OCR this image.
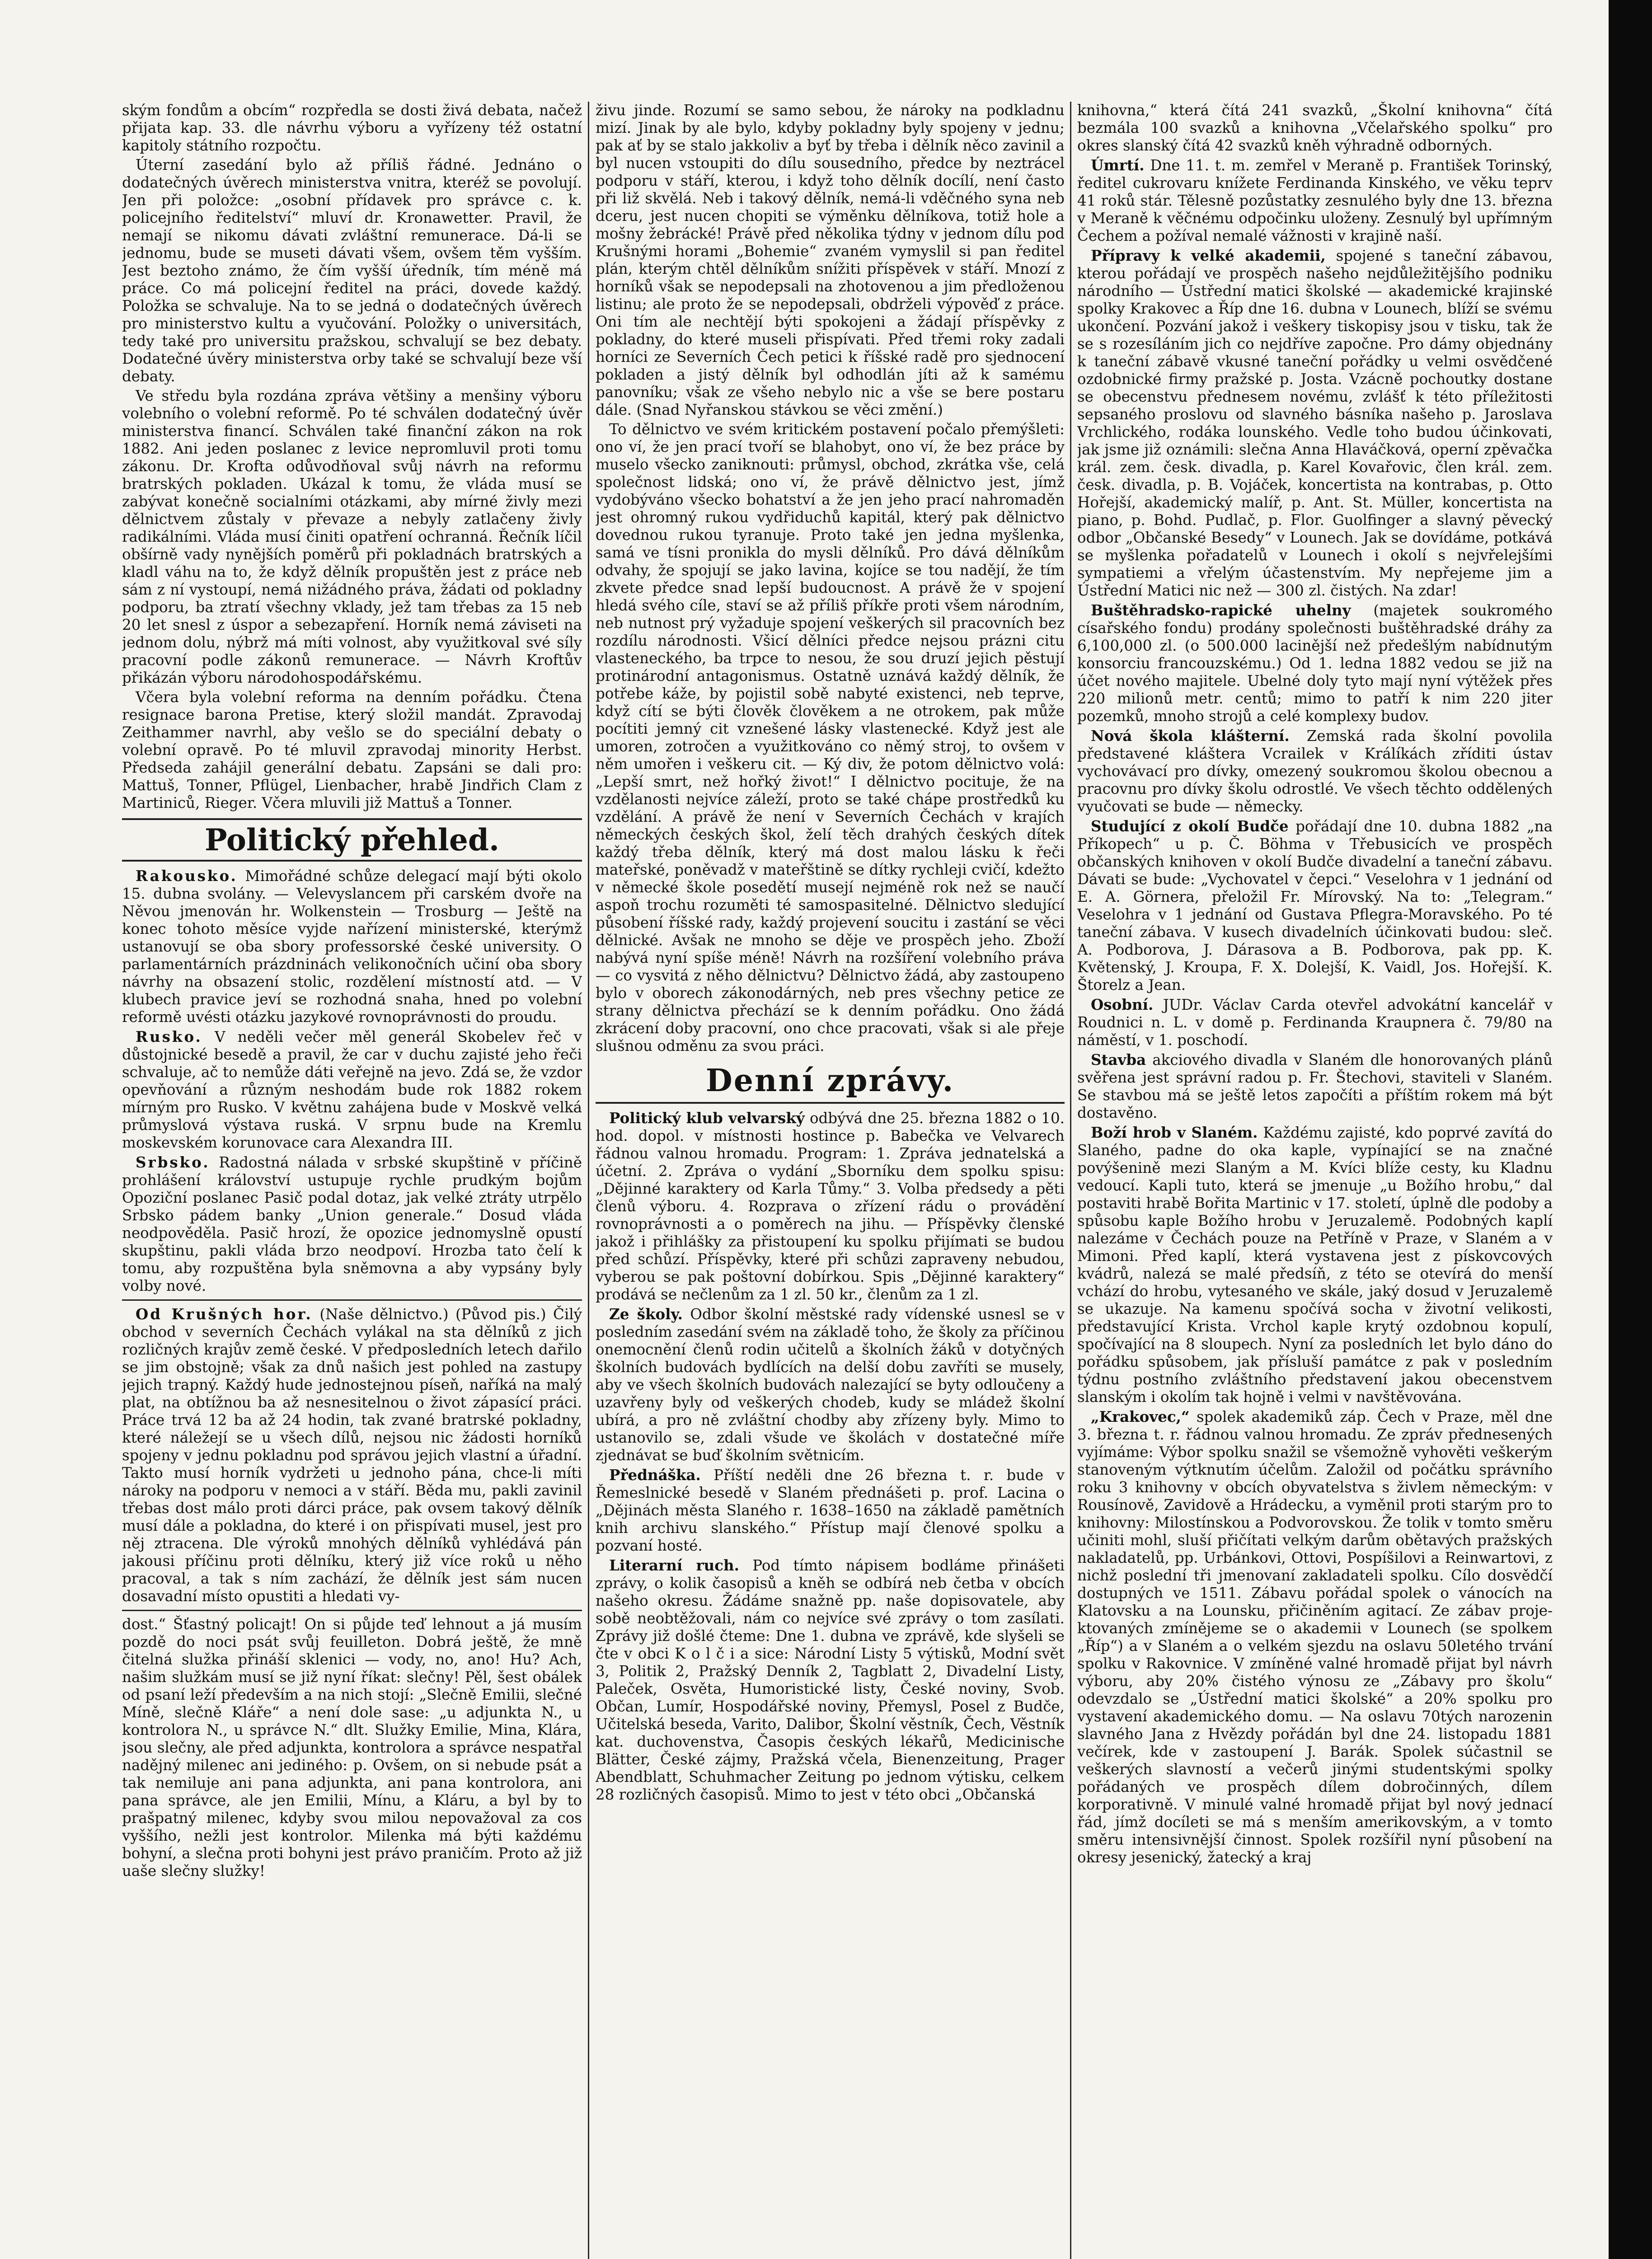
ským fondům a obcím“ rozpředla se dosti živá debata, načež přijata kap. 33. dle návrhu výboru a vyřízeny též ostatní kapitoly státního rozpočtu.

Úterní zasedání bylo až příliš řádné. Jednáno o dodatečných úvěrech ministerstva vnitra, kteréž se povolují. Jen při položce: „osobní přídavek pro správce c. k. policejního ředitelství“ mluví dr. Kronawetter. Pravil, že nemají se nikomu dávati zvláštní remunerace. Dá-li se jednomu, bude se museti dávati všem, ovšem těm vyšším. Jest beztoho známo, že čím vyšší úředník, tím méně má práce. Co má policejní ředitel na práci, dovede každý. Položka se schvaluje. Na to se jedná o dodatečných úvěrech pro ministerstvo kultu a vyučování. Položky o universitách, tedy také pro universitu pražskou, schvalují se bez debaty. Dodatečné úvěry ministerstva orby také se schvalují beze vší debaty.

Ve středu byla rozdána zpráva většiny a menšiny výboru volebního o volební reformě. Po té schválen dodatečný úvěr ministerstva financí. Schválen také finanční zákon na rok 1882. Ani jeden poslanec z levice nepromluvil proti tomu zákonu. Dr. Krofta odůvodňoval svůj návrh na reformu bratrských pokladen. Ukázal k tomu, že vláda musí se zabývat konečně socialními otázkami, aby mírné živly mezi dělnictvem zůstaly v převaze a nebyly zatlačeny živly radikálními. Vláda musí činiti opatření ochranná. Řečník líčil obšírně vady nynějších poměrů při pokladnách bratrských a kladl váhu na to, že když dělník propuštěn jest z práce neb sám z ní vystoupí, nemá nižádného práva, žádati od pokladny podporu, ba ztratí všechny vklady, jež tam třebas za 15 neb 20 let snesl z úspor a sebezapření. Horník nemá záviseti na jednom dolu, nýbrž má míti volnost, aby využitkoval své síly pracovní podle zákonů remunerace. — Návrh Kroftův přikázán výboru národohospodářskému.

Včera byla volební reforma na denním pořádku. Čtena resignace barona Pretise, který složil mandát. Zpravodaj Zeithammer navrhl, aby vešlo se do speciální debaty o volební opravě. Po té mluvil zpravodaj minority Herbst. Předseda zahájil generální debatu. Zapsáni se dali pro: Mattuš, Tonner, Pflügel, Lienbacher, hrabě Jindřich Clam z Martiniců, Rieger. Včera mluvili již Mattuš a Tonner.

Politický přehled.

Rakousko. Mimořádné schůze delegací mají býti okolo 15. dubna svolány. — Velevyslancem při carském dvoře na Něvou jmenován hr. Wolkenstein — Trosburg — Ještě na konec tohoto měsíce vyjde nařízení ministerské, kterýmž ustanovují se oba sbory professorské české university. O parlamentárních prázdninách velikonočních učiní oba sbory návrhy na obsazení stolic, rozdělení místností atd. — V klubech pravice jeví se rozhodná snaha, hned po volební reformě uvésti otázku jazykové rovnoprávnosti do proudu.

Rusko. V neděli večer měl generál Skobelev řeč v důstojnické besedě a pravil, že car v duchu zajisté jeho řeči schvaluje, ač to nemůže dáti veřejně na jevo. Zdá se, že vzdor opevňování a různým neshodám bude rok 1882 rokem mírným pro Rusko. V květnu zahájena bude v Moskvě velká průmyslová výstava ruská. V srpnu bude na Kremlu moskevském korunovace cara Alexandra III.

Srbsko. Radostná nálada v srbské skupštině v příčině prohlášení království ustupuje rychle prudkým bojům Opoziční poslanec Pasič podal dotaz, jak velké ztráty utrpělo Srbsko pádem banky „Union generale.“ Dosud vláda neodpověděla. Pasič hrozí, že opozice jednomyslně opustí skupštinu, pakli vláda brzo neodpoví. Hrozba tato čelí k tomu, aby rozpuštěna byla sněmovna a aby vypsány byly volby nové.

Od Krušných hor. (Naše dělnictvo.) (Původ pis.) Čilý obchod v severních Čechách vylákal na sta dělníků z jich rozličných krajův země české. V předposledních letech dařilo se jim obstojně; však za dnů našich jest pohled na zastupy jejich trapný. Každý hude jednostejnou píseň, naříká na malý plat, na obtížnou ba až nesnesitelnou o život zápasící práci. Práce trvá 12 ba až 24 hodin, tak zvané bratrské pokladny, které náležejí se u všech dílů, nejsou nic žádosti horníků spojeny v jednu pokladnu pod správou jejich vlastní a úřadní. Takto musí horník vydržeti u jednoho pána, chce-li míti nároky na podporu v nemoci a v stáří. Běda mu, pakli zavinil třebas dost málo proti dárci práce, pak ovsem takový dělník musí dále a pokladna, do které i on přispívati musel, jest pro něj ztracena. Dle výroků mnohých dělníků vyhlédává pán jakousi příčinu proti dělníku, který již více roků u něho pracoval, a tak s ním zachází, že dělník jest sám nucen dosavadní místo opustiti a hledati vy-

dost.“ Šťastný policajt! On si půjde teď lehnout a já musím pozdě do noci psát svůj feuilleton. Dobrá ještě, že mně čitelná služka přináší sklenici — vody, no, ano! Hu? Ach, našim služkám musí se již nyní říkat: slečny! Pěl, šest obálek od psaní leží především a na nich stojí: „Slečně Emilii, slečné Míně, slečně Kláře“ a není dole sase: „u adjunkta N., u kontrolora N., u správce N.“ dlt. Služky Emilie, Mina, Klára, jsou slečny, ale před adjunkta, kontrolora a správce nespatřal nadějný milenec ani jediného: p. Ovšem, on si nebude psát a tak nemiluje ani pana adjunkta, ani pana kontrolora, ani pana správce, ale jen Emilii, Mínu, a Kláru, a byl by to prašpatný milenec, kdyby svou milou nepovažoval za cos vyššího, nežli jest kontrolor. Milenka má býti každému bohyní, a slečna proti bohyni jest právo praničím. Proto až již uaše slečny služky!

živu jinde. Rozumí se samo sebou, že nároky na podkladnu mizí. Jinak by ale bylo, kdyby pokladny byly spojeny v jednu; pak ať by se stalo jakkoliv a byť by třeba i dělník něco zavinil a byl nucen vstoupiti do dílu sousedního, předce by neztrácel podporu v stáří, kterou, i když toho dělník docílí, není často při liž skvělá. Neb i takový dělník, nemá-li vděčného syna neb dceru, jest nucen chopiti se výměnku dělníkova, totiž hole a mošny žebrácké! Právě před několika týdny v jednom dílu pod Krušnými horami „Bohemie“ zvaném vymyslil si pan ředitel plán, kterým chtěl dělníkům snížiti příspěvek v stáří. Mnozí z horníků však se nepodepsali na zhotovenou a jim předloženou listinu; ale proto že se nepodepsali, obdrželi výpověď z práce. Oni tím ale nechtějí býti spokojeni a žádají příspěvky z pokladny, do které museli přispívati. Před třemi roky zadali horníci ze Severních Čech petici k říšské radě pro sjednocení pokladen a jistý dělník byl odhodlán jíti až k samému panovníku; však ze všeho nebylo nic a vše se bere postaru dále. (Snad Nyřanskou stávkou se věci změní.)

To dělnictvo ve svém kritickém postavení počalo přemýšleti: ono ví, že jen prací tvoří se blahobyt, ono ví, že bez práce by muselo všecko zaniknouti: průmysl, obchod, zkrátka vše, celá společnost lidská; ono ví, že právě dělnictvo jest, jímž vydobýváno všeckо bohatství a že jen jeho prací nahromaděn jest ohromný rukou vydřiduchů kapitál, který pak dělnictvo dovednou rukou tyranuje. Proto také jen jedna myšlenka, samá ve tísni pronikla do mysli dělníků. Pro dává dělníkům odvahy, že spojují se jako lavina, kojíce se tou nadějí, že tím zkvete předce snad lepší budoucnost. A právě že v spojení hledá svého cíle, staví se až příliš příkře proti všem národním, neb nutnost prý vyžaduje spojení veškerých sil pracovních bez rozdílu národnosti. Všicí dělníci předce nejsou prázni citu vlasteneckého, ba trpce to nesou, že sou druzí jejich pěstují protinárodní antagonismus. Ostatně uznává každý dělník, že potřebe káže, by pojistil sobě nabyté existenci, neb teprve, když cítí se býti člověk člověkem a ne otrokem, pak může pocítiti jemný cit vznešené lásky vlastenecké. Když jest ale umoren, zotročen a využitkováno co němý stroj, to ovšem v něm umořen i veškeru cit. — Ký div, že potom dělnictvo volá: „Lepší smrt, než hořký život!“ I dělnictvo pocituje, že na vzdělanosti nejvíce záleží, proto se také chápe prostředků ku vzdělání. A právě že není v Severních Čechách v krajích německých českých škol, želí těch drahých českých dítek každý třeba dělník, který má dost malou lásku k řeči mateřské, poněvadž v mateřštině se dítky rychleji cvičí, kdežto v německé škole posedětí musejí nejméně rok než se naučí aspoň trochu rozuměti té samospasitelné. Dělnictvo sledující působení říšské rady, každý projevení soucitu i zastání se věci dělnické. Avšak ne mnoho se děje ve prospěch jeho. Zboží nabývá nyní spíše méně! Návrh na rozšíření volebního práva — co vysvitá z něho dělnictvu? Dělnictvo žádá, aby zastoupeno bylo v oborech zákonodárných, neb pres všechny petice ze strany dělnictva přechází se k denním pořádku. Ono žádá zkrácení doby pracovní, ono chce pracovati, však si ale přeje slušnou odměnu za svou práci.

Denní zprávy.

Politický klub velvarský odbývá dne 25. března 1882 o 10. hod. dopol. v místnosti hostince p. Babečkа ve Velvarech řádnou valnou hromadu. Program: 1. Zpráva jednatelská a účetní. 2. Zpráva o vydání „Sborníku dem spolku spisu: „Dějinné karaktery od Karla Tůmy.“ 3. Volba předsedy a pěti členů výboru. 4. Rozprava o zřízení rádu o provádění rovnoprávnosti a o poměrech na jihu. — Příspěvky členské jakož i přihlášky za přistoupení ku spolku přijímati se budou před schůzí. Příspěvky, které při schůzi zapraveny nebudou, vyberou se pak poštovní dobírkou. Spis „Dějinné karaktery“ prodává se nečlenům za 1 zl. 50 kr., členům za 1 zl.

Ze školy. Odbor školní městské rady vídenské usnesl se v posledním zasedání svém na základě toho, že školy za příčinou onemocnění členů rodin učitelů a školních žáků v dotyčných školních budovách bydlících na delší dobu zavříti se musely, aby ve všech školních budovách nalezající se byty odloučeny a uzavřeny byly od veškerých chodeb, kudy se mládež školní ubírá, a pro ně zvláštní chodby aby zřízeny byly. Mimo to ustanovilo se, zdali všude ve školách v dostatečné míře zjednávat se buď školním světnicím.

Přednáška. Příští neděli dne 26 března t. r. bude v Řemeslnické besedě v Slaném přednášeti p. prof. Lacina o „Dějinách města Slaného r. 1638–1650 na základě pamětních knih archivu slanského.“ Přístup mají členové spolku a pozvaní hosté.

Literarní ruch. Pod tímto nápisem bodláme přinášeti zprávy, o kolik časopisů a kněh se odbírá neb četba v obcích našeho okresu. Žádáme snažně pp. naše dopisovatele, aby sobě neobtěžovali, nám co nejvíce své zprávy o tom zasílati. Zprávy již došlé čteme: Dne 1. dubna ve zprávě, kde slyšeli se čte v obci K o l č i a sice: Národní Listy 5 výtisků, Modní svět 3, Politik 2, Pražský Denník 2, Tagblatt 2, Divadelní Listy, Paleček, Osvěta, Humoristické listy, České noviny, Svob. Občan, Lumír, Hospodářské noviny, Přemysl, Posel z Budče, Učitelská beseda, Varito, Dalibor, Školní věstník, Čech, Věstník kat. duchovenstva, Časopis českých lékařů, Medicinische Blätter, České zájmy, Pražská včela, Bienenzeitung, Prager Abendblatt, Schuhmacher Zeitung po jednom výtisku, celkem 28 rozličných časopisů. Mimo to jest v této obci „Občanská

knihovna,“ která čítá 241 svazků, „Školní knihovna“ čítá bezmála 100 svazků a knihovna „Včelařského spolku“ pro okres slanský čítá 42 svazků kněh výhradně odborných.

Úmrtí. Dne 11. t. m. zemřel v Meraně p. František Torinský, ředitel cukrovaru knížete Ferdinanda Kinského, ve věku teprv 41 roků stár. Tělesně pozůstatky zesnulého byly dne 13. března v Meraně k věčnému odpočinku uloženy. Zesnulý byl upřímným Čechem a požíval nemalé vážnosti v krajině naší.

Přípravy k velké akademii, spojené s taneční zábavou, kterou pořádají ve prospěch našeho nejdůležitějšího podniku národního — Ústřední matici školské — akademické krajinské spolky Krakovec a Říp dne 16. dubna v Lounech, blíží se svému ukončení. Pozvání jakož i veškery tiskopisy jsou v tisku, tak že se s rozesíláním jich co nejdříve započne. Pro dámy objednány k taneční zábavě vkusné taneční pořádky u velmi osvědčené ozdobnické firmy pražské p. Josta. Vzácně pochoutky dostane se obecenstvu přednesem novému, zvlášť k této příležitosti sepsaného proslovu od slavného básníka našeho p. Jaroslava Vrchlického, rodáka lounského. Vedle toho budou účinkovati, jak jsme již oznámili: slečna Anna Hlaváčková, operní zpěvačka král. zem. česk. divadla, p. Karel Kovařovic, člen král. zem. česk. divadla, p. B. Vojáček, koncertista na kontrabas, p. Otto Hořejší, akademický malíř, p. Ant. St. Müller, koncertista na piano, p. Bohd. Pudlač, p. Flor. Guolfinger a slavný pěvecký odbor „Občanské Besedy“ v Lounech. Jak se dovídáme, potkává se myšlenka pořadatelů v Lounech i okolí s nejvřelejšími sympatiemi a vřelým účastenstvím. My nepřejeme jim a Ústřední Matici nic než — 300 zl. čistých. Na zdar!

Buštěhradsko-rapické uhelny (majetek soukromého císařského fondu) prodány společnosti buštěhradské dráhy za 6,100,000 zl. (o 500.000 lacinější než předešlým nabídnutým konsorciu francouzskému.) Od 1. ledna 1882 vedou se již na účet nového majitele. Ubelné doly tyto mají nyní výtěžek přes 220 milionů metr. centů; mimo to patří k nim 220 jiter pozemků, mnoho strojů a celé komplexy budov.

Nová škola klášterní. Zemská rada školní povolila představené kláštera Vcrailek v Králíkách zříditi ústav vychovávací pro dívky, omezený soukromou školou obecnou a pracovnu pro dívky školu odrostlé. Ve všech těchto oddělených vyučovati se bude — německy.

Studující z okolí Budče pořádají dne 10. dubna 1882 „na Příkopech“ u p. Č. Böhma v Třebusicích ve prospěch občanských knihoven v okolí Budče divadelní a taneční zábavu. Dávati se bude: „Vychovatel v čepci.“ Veselohra v 1 jednání od E. A. Görnera, přeložil Fr. Mírovský. Na to: „Telegram.“ Veselohra v 1 jednání od Gustava Pflegra-Moravského. Po té taneční zábava. V kusech divadelních účinkovati budou: sleč. A. Podborova, J. Dárasova a B. Podborova, pak pp. K. Květenský, J. Kroupa, F. X. Dolejší, K. Vaidl, Jos. Hořejší. K. Štorelz a Jean.

Osobní. JUDr. Václav Carda otevřel advokátní kancelář v Roudnici n. L. v domě p. Ferdinanda Kraupnera č. 79/80 na náměstí, v 1. poschodí.

Stavba akciového divadla v Slaném dle honorovaných plánů svěřena jest správní radou p. Fr. Štechovi, staviteli v Slaném. Se stavbou má se ještě letos započíti a příštím rokem má být dostavěno.

Boží hrob v Slaném. Každému zajisté, kdo poprvé zavítá do Slaného, padne do oka kaple, vypínající se na značné povýšenině mezi Slaným a M. Kvíci blíže cesty, ku Kladnu vedoucí. Kapli tuto, která se jmenuje „u Božího hrobu,“ dal postaviti hrabě Bořita Martinic v 17. století, úplně dle podoby a spůsobu kaple Božího hrobu v Jeruzalemě. Podobných kaplí nalezáme v Čechách pouze na Petříně v Praze, v Slaném a v Mimoni. Před kaplí, která vystavena jest z pískovcových kvádrů, nalezá se malé předsíň, z této se otevírá do menší vchází do hrobu, vytesaného ve skále, jaký dosud v Jeruzalemě se ukazuje. Na kamenu spočívá socha v životní velikosti, představující Krista. Vrchol kaple krytý ozdobnou kopulí, spočívající na 8 sloupech. Nyní za posledních let bylo dáno do pořádku spůsobem, jak přísluší památce z pak v posledním týdnu postního zvláštního představení jakou obecenstvem slanským i okolím tak hojně i velmi v navštěvována.

„Krakovec,“ spolek akademiků záp. Čech v Praze, měl dne 3. března t. r. řádnou valnou hromadu. Ze zpráv přednesených vyjímáme: Výbor spolku snažil se všemožně vyhověti veškerým stanoveným výtknutím účelům. Založil od počátku správního roku 3 knihovny v obcích obyvatelstva s živlem německým: v Rousínově, Zavidově a Hrádecku, a vyměnil proti starým pro to knihovny: Milostínskou a Podvorovskou. Že tolik v tomto směru učiniti mohl, sluší přičítati velkým darům obětavých pražských nakladatelů, pp. Urbánkovi, Ottovi, Pospíšilovi a Reinwartovi, z nichž poslední tři jmenovaní zakladateli spolku. Cílo dosvědčí dostupných ve 1511. Zábavu pořádal spolek o vánocích na Klatovsku a na Lounsku, přičiněním agitací. Ze zábav projektovaných zmínějeme se o akademii v Lounech (se spolkem „Říp“) a v Slaném a o velkém sjezdu na oslavu 50letého trvání spolku v Rakovnice. V zmíněné valné hromadě přijat byl návrh výboru, aby 20% čistého výnosu ze „Zábavy pro školu“ odevzdalo se „Ústřední matici školské“ a 20% spolku pro vystavení akademického domu. — Na oslavu 70tých narozenin slavného Jana z Hvězdy pořádán byl dne 24. listopadu 1881 večírek, kde v zastoupení J. Barák. Spolek súčastnil se veškerých slavností a večerů jinými studentskými spolky pořádaných ve prospěch dílem dobročinných, dílem korporativně. V minulé valné hromadě přijat byl nový jednací řád, jímž docíleti se má s menším amerikovským, a v tomto směru intensivnější činnost. Spolek rozšířil nyní působení na okresy jesenický, žatecký a kraj
